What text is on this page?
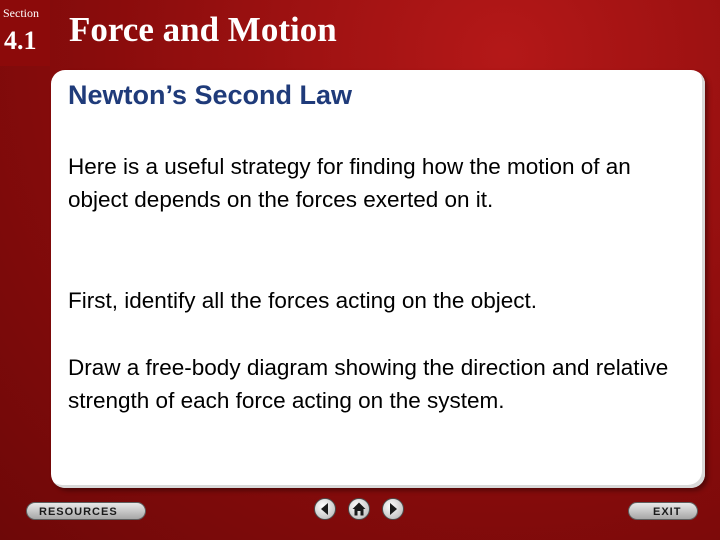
Section
4.1 Force and Motion
Newton’s Second Law
Here is a useful strategy for finding how the motion of an object depends on the forces exerted on it.
First, identify all the forces acting on the object.
Draw a free-body diagram showing the direction and relative strength of each force acting on the system.
RESOURCES	EXIT
